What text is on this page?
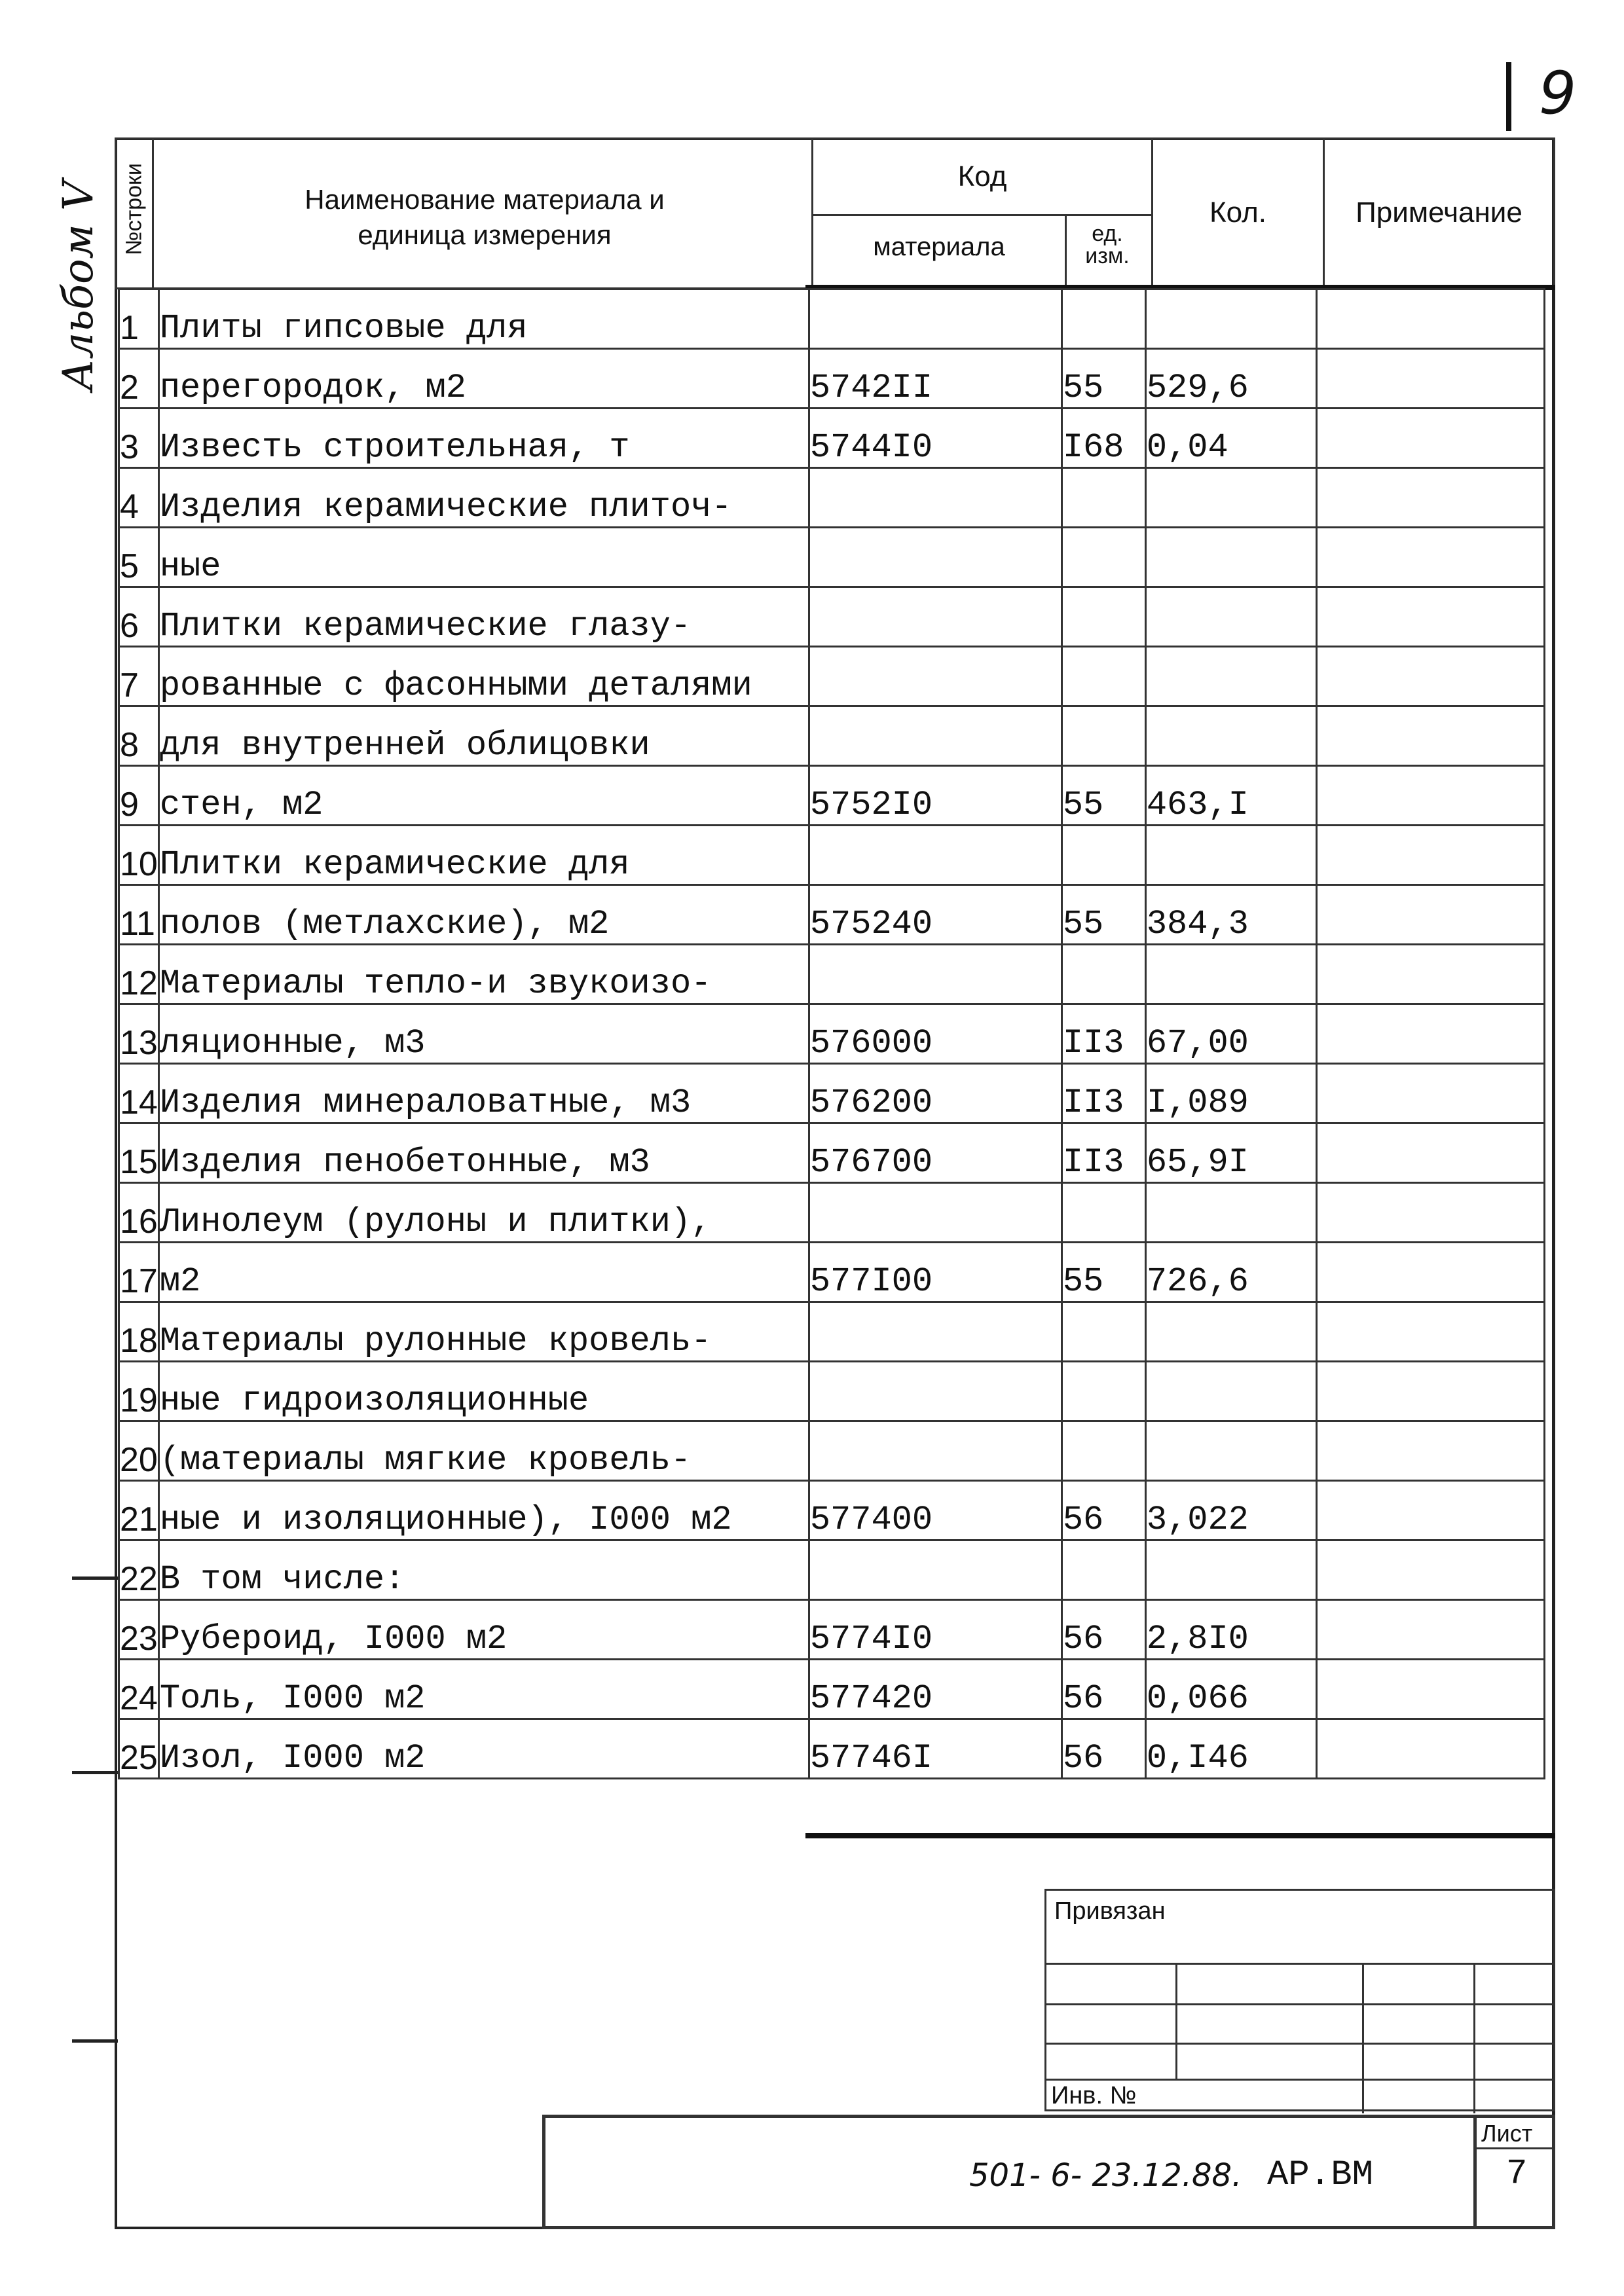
9
Альбом V №строки	Наименование материала и единица измерения
Код
материала	ед. изм.
Кол.	Примечание
1	Плиты гипсовые для				
2	перегородок, м2	5742II	55	529,6	
3	Известь строительная, т	5744I0	I68	0,04	
4	Изделия керамические плиточ-				
5	ные				
6	Плитки керамические глазу-				
7	рованные с фасонными деталями				
8	для внутренней облицовки				
9	стен, м2	5752I0	55	463,I	
10	Плитки керамические для				
11	полов (метлахские), м2	575240	55	384,3	
12	Материалы тепло-и звукоизо-				
13	ляционные, м3	576000	II3	67,00	
14	Изделия минераловатные, м3	576200	II3	I,089	
15	Изделия пенобетонные, м3	576700	II3	65,9I	
16	Линолеум (рулоны и плитки),				
17	м2	577I00	55	726,6	
18	Материалы рулонные кровель-				
19	ные гидроизоляционные				
20	(материалы мягкие кровель-				
21	ные и изоляционные), I000 м2	577400	56	3,022	
22	В том числе:				
23	Рубероид, I000 м2	5774I0	56	2,8I0	
24	Толь, I000 м2	577420	56	0,066	
25	Изол, I000 м2	57746I	56	0,I46	
Привязан
Инв. №
Лист
7
501- 6- 23.12.88. АР.ВМ
